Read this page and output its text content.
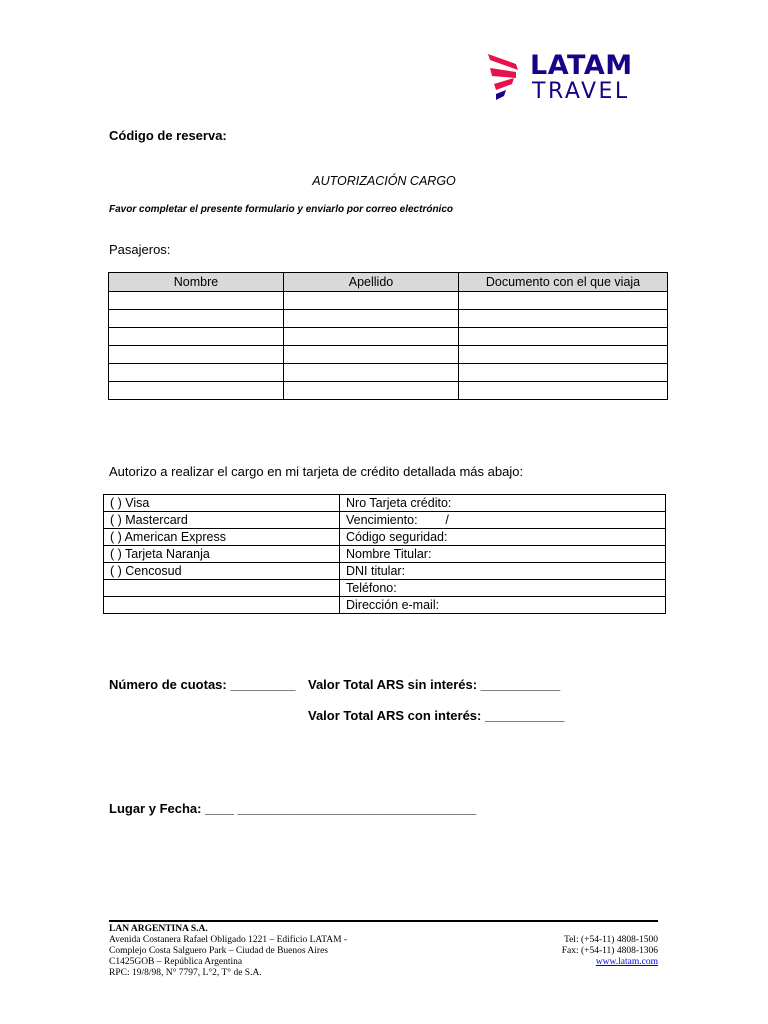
LATAM
TRAVEL
Código de reserva:
AUTORIZACIÓN CARGO
Favor completar el presente formulario y enviarlo por correo electrónico
Pasajeros:
Nombre	Apellido	Documento con el que viaja

Autorizo a realizar el cargo en mi tarjeta de crédito detallada más abajo:
( ) Visa	Nro Tarjeta crédito:
( ) Mastercard	Vencimiento:        /
( ) American Express	Código seguridad:
( ) Tarjeta Naranja	Nombre Titular:
( ) Cencosud	DNI titular:
	Teléfono:
	Dirección e-mail:
Número de cuotas: _________ Valor Total ARS sin interés: ___________
Valor Total ARS con interés: ___________
Lugar y Fecha: ____ _________________________________
LAN ARGENTINA S.A.
Avenida Costanera Rafael Obligado 1221 – Edificio LATAM -
Complejo Costa Salguero Park – Ciudad de Buenos Aires
C1425GOB – República Argentina
RPC: 19/8/98, N° 7797, L°2, T° de S.A.
Tel: (+54-11) 4808-1500
Fax: (+54-11) 4808-1306
www.latam.com
